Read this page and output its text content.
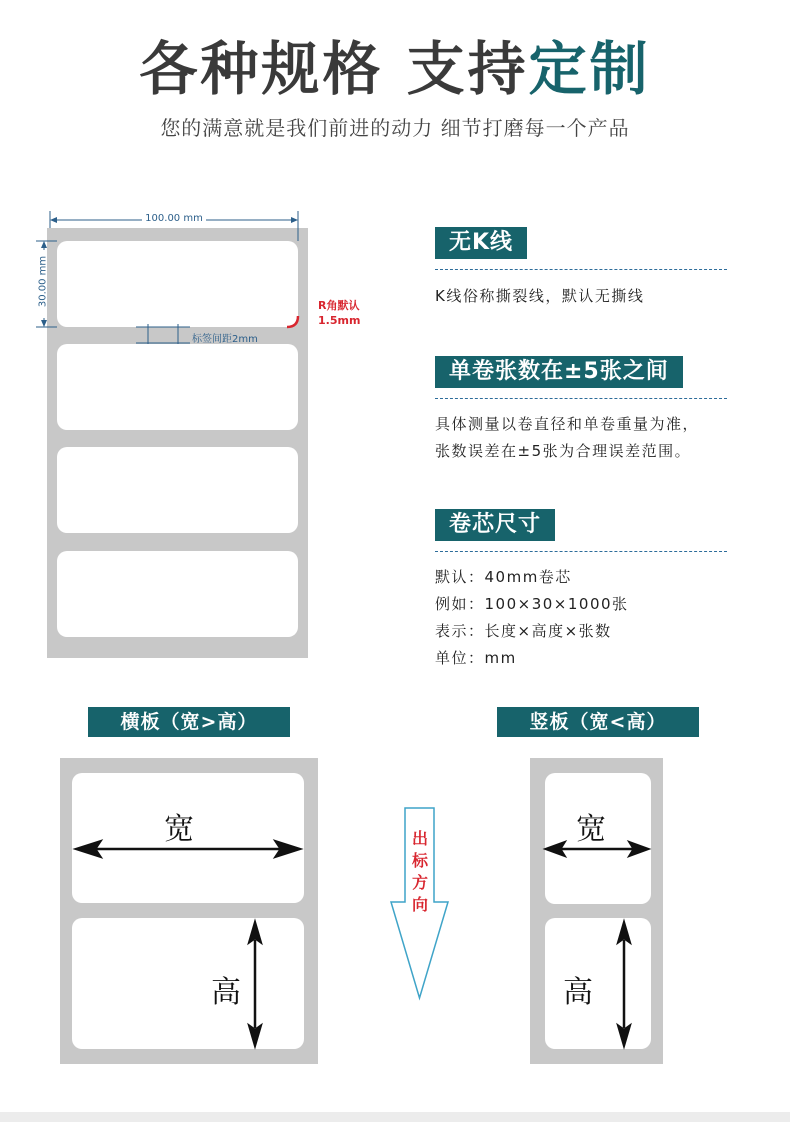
各种规格 支持定制
您的满意就是我们前进的动力 细节打磨每一个产品
100.00 mm
30.00 mm
标签间距2mm
R角默认
1.5mm
无K线
K线俗称撕裂线，默认无撕线
单卷张数在±5张之间
具体测量以卷直径和单卷重量为准，
张数误差在±5张为合理误差范围。
卷芯尺寸
默认：40mm卷芯
例如：100×30×1000张
表示：长度×高度×张数
单位：mm
横板（宽>高）
宽
高
出
标
方
向
竖板（宽<高）
宽
高
